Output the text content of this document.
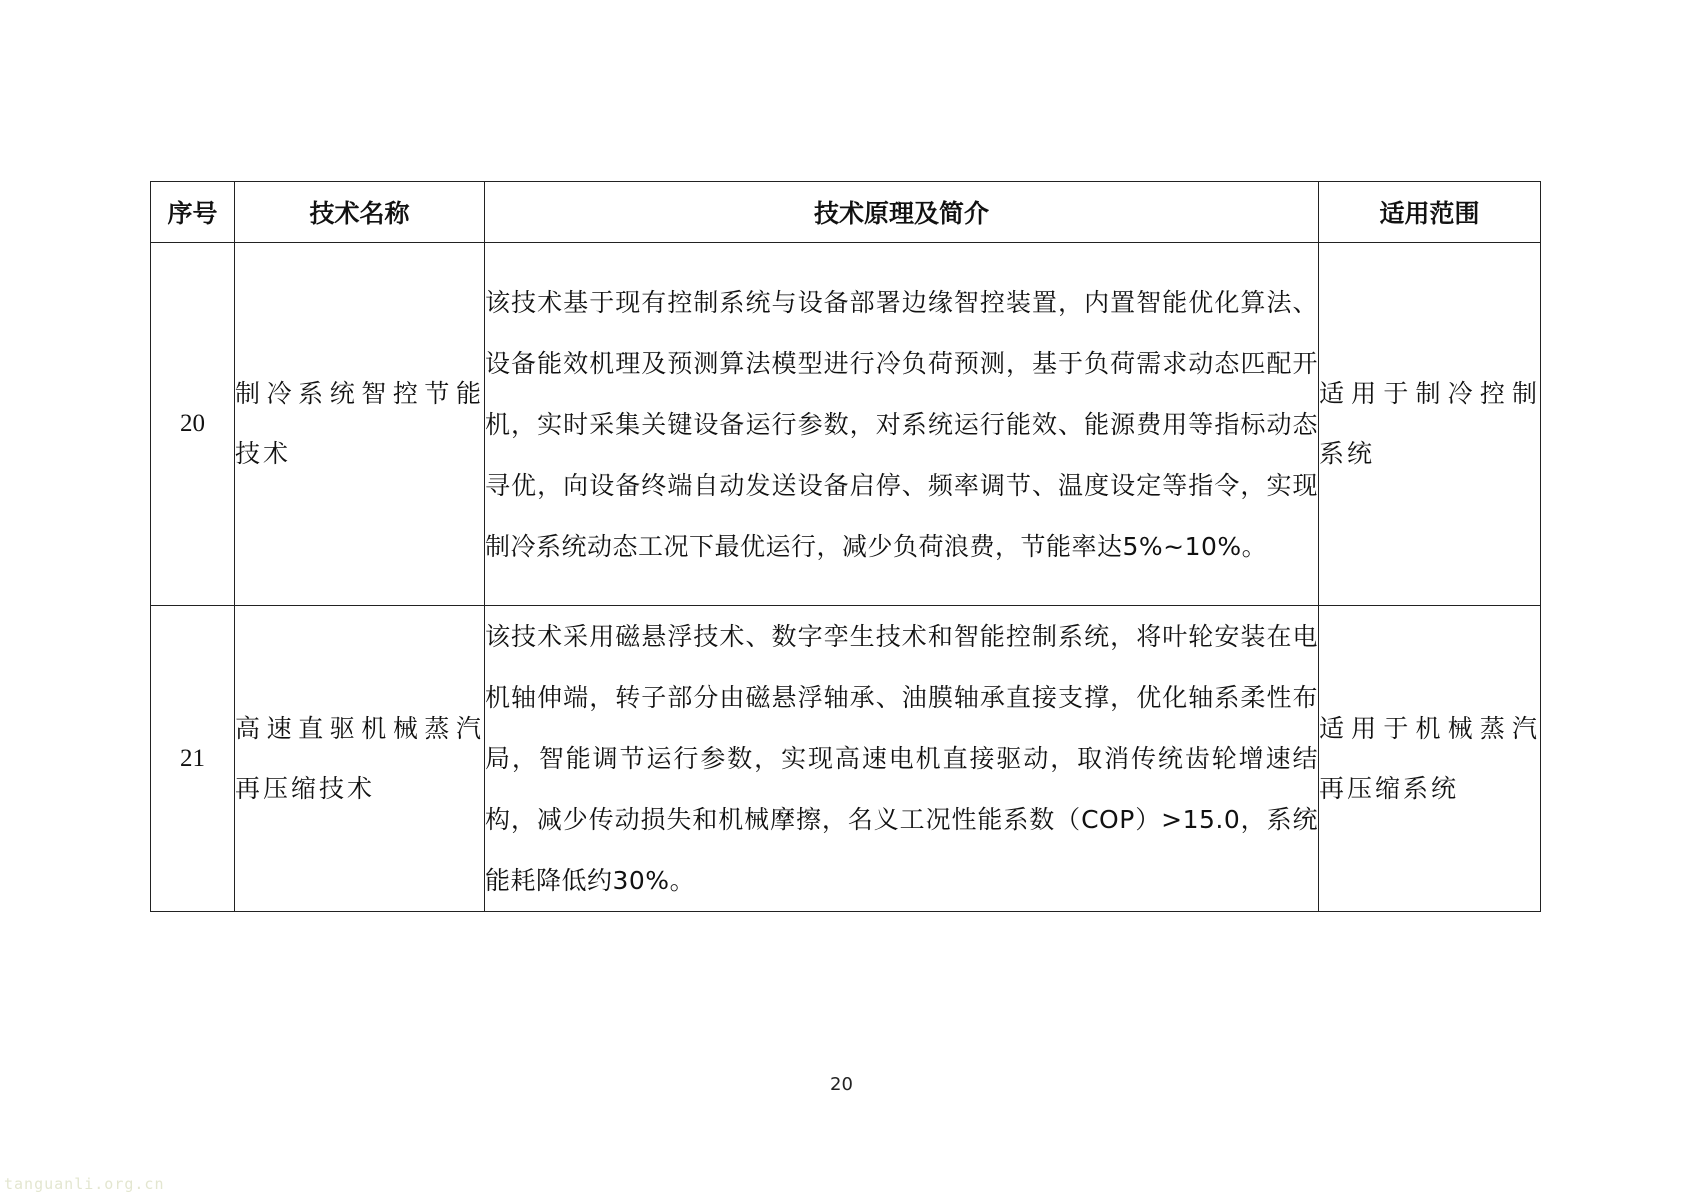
序号	技术名称	技术原理及简介	适用范围
20	制冷系统智控节能技术	该技术基于现有控制系统与设备部署边缘智控装置，内置智能优化算法、设备能效机理及预测算法模型进行冷负荷预测，基于负荷需求动态匹配开机，实时采集关键设备运行参数，对系统运行能效、能源费用等指标动态寻优，向设备终端自动发送设备启停、频率调节、温度设定等指令，实现制冷系统动态工况下最优运行，减少负荷浪费，节能率达5%~10%。	适用于制冷控制系统
21	高速直驱机械蒸汽再压缩技术	该技术采用磁悬浮技术、数字孪生技术和智能控制系统，将叶轮安装在电机轴伸端，转子部分由磁悬浮轴承、油膜轴承直接支撑，优化轴系柔性布局，智能调节运行参数，实现高速电机直接驱动，取消传统齿轮增速结构，减少传动损失和机械摩擦，名义工况性能系数（COP）>15.0，系统能耗降低约30%。	适用于机械蒸汽再压缩系统
20
tanguanli.org.cn
